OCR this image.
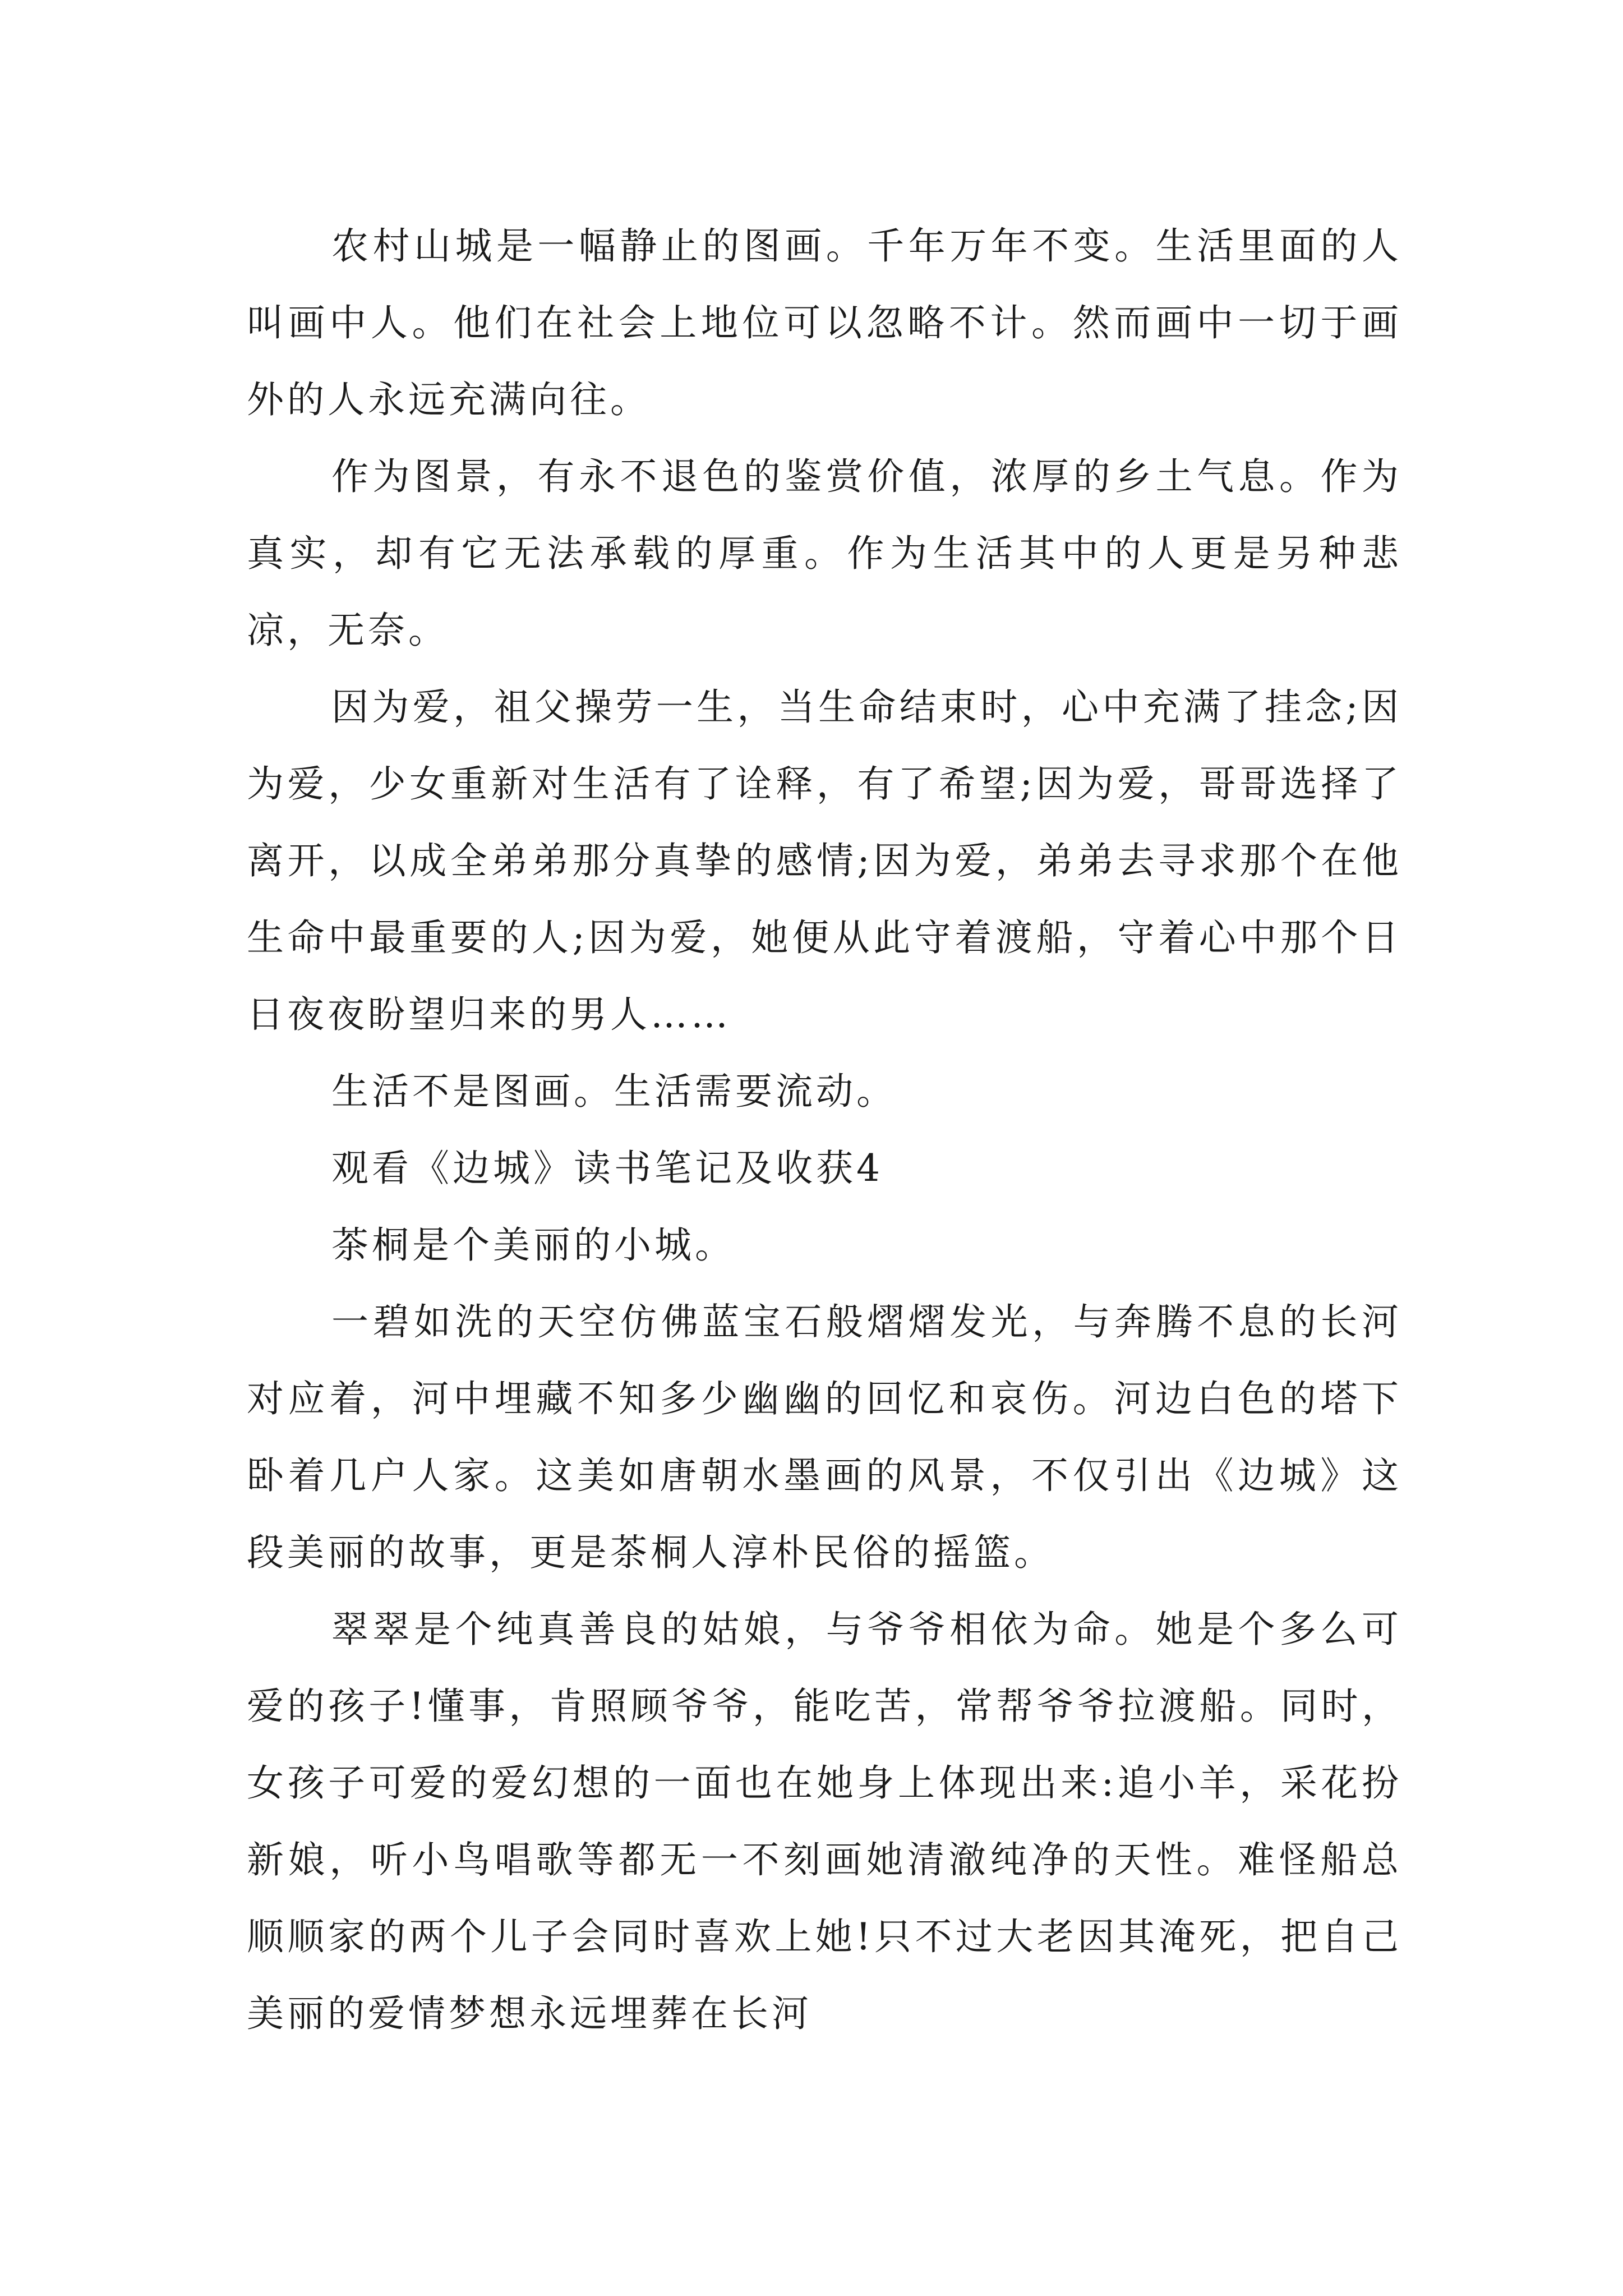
农村山城是一幅静止的图画。千年万年不变。生活里面的人叫画中人。他们在社会上地位可以忽略不计。然而画中一切于画外的人永远充满向往。

作为图景，有永不退色的鉴赏价值，浓厚的乡土气息。作为真实，却有它无法承载的厚重。作为生活其中的人更是另种悲凉，无奈。

因为爱，祖父操劳一生，当生命结束时，心中充满了挂念;因为爱，少女重新对生活有了诠释，有了希望;因为爱，哥哥选择了离开，以成全弟弟那分真挚的感情;因为爱，弟弟去寻求那个在他生命中最重要的人;因为爱，她便从此守着渡船，守着心中那个日日夜夜盼望归来的男人……

生活不是图画。生活需要流动。

观看《边城》读书笔记及收获4

茶桐是个美丽的小城。

一碧如洗的天空仿佛蓝宝石般熠熠发光，与奔腾不息的长河对应着，河中埋藏不知多少幽幽的回忆和哀伤。河边白色的塔下卧着几户人家。这美如唐朝水墨画的风景，不仅引出《边城》这段美丽的故事，更是茶桐人淳朴民俗的摇篮。

翠翠是个纯真善良的姑娘，与爷爷相依为命。她是个多么可爱的孩子!懂事，肯照顾爷爷，能吃苦，常帮爷爷拉渡船。同时，女孩子可爱的爱幻想的一面也在她身上体现出来:追小羊，采花扮新娘，听小鸟唱歌等都无一不刻画她清澈纯净的天性。难怪船总顺顺家的两个儿子会同时喜欢上她!只不过大老因其淹死，把自己美丽的爱情梦想永远埋葬在长河
